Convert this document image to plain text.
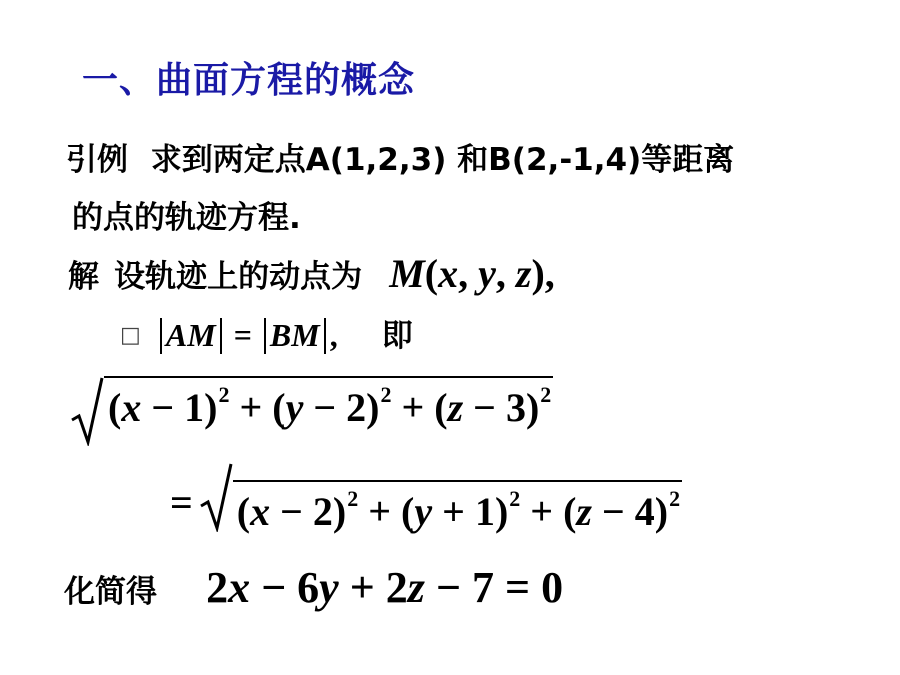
一、曲面方程的概念
引例 求到两定点A(1,2,3) 和B(2,-1,4)等距离
的点的轨迹方程.
解 设轨迹上的动点为 M(x, y, z),
□ AM = BM , 即
$(x - 1)^2 + (y - 2)^2 + (z - 3)^2$
= $(x - 2)^2 + (y + 1)^2 + (z - 4)^2$
化简得 2x − 6y + 2z − 7 = 0
